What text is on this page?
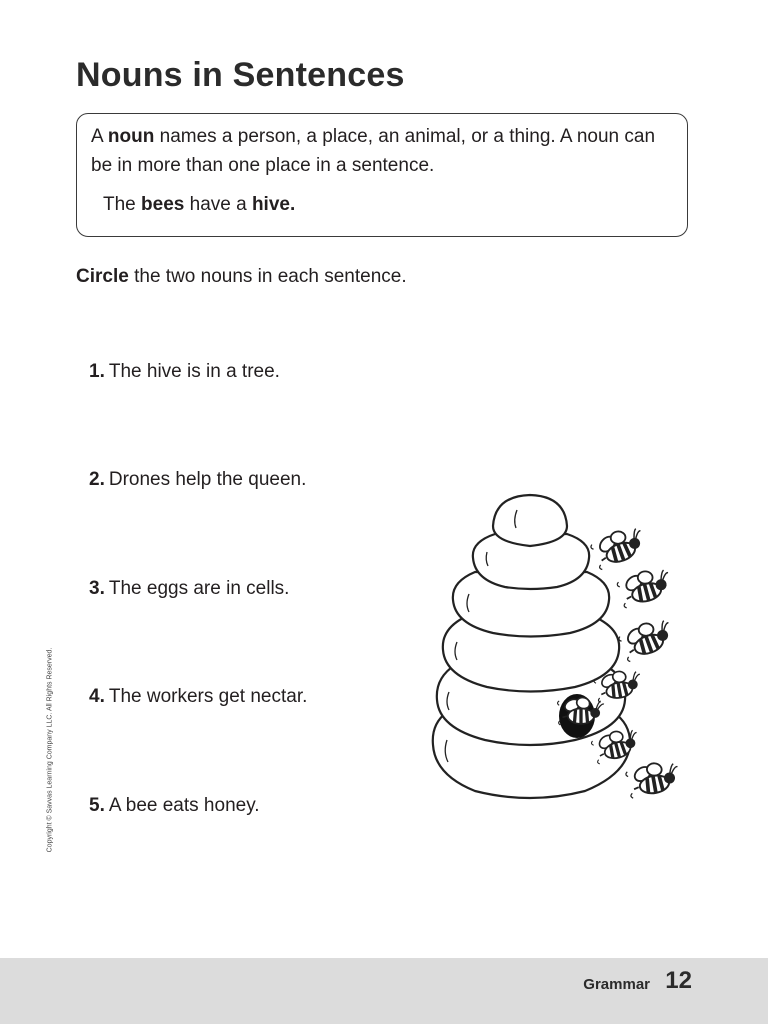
Nouns in Sentences

A noun names a person, a place, an animal, or a thing. A noun can be in more than one place in a sentence.

The bees have a hive.

Circle the two nouns in each sentence.

1. The hive is in a tree.

2. Drones help the queen.

3. The eggs are in cells.

4. The workers get nectar.

5. A bee eats honey.

Copyright © Savvas Learning Company LLC. All Rights Reserved.
Grammar 12
